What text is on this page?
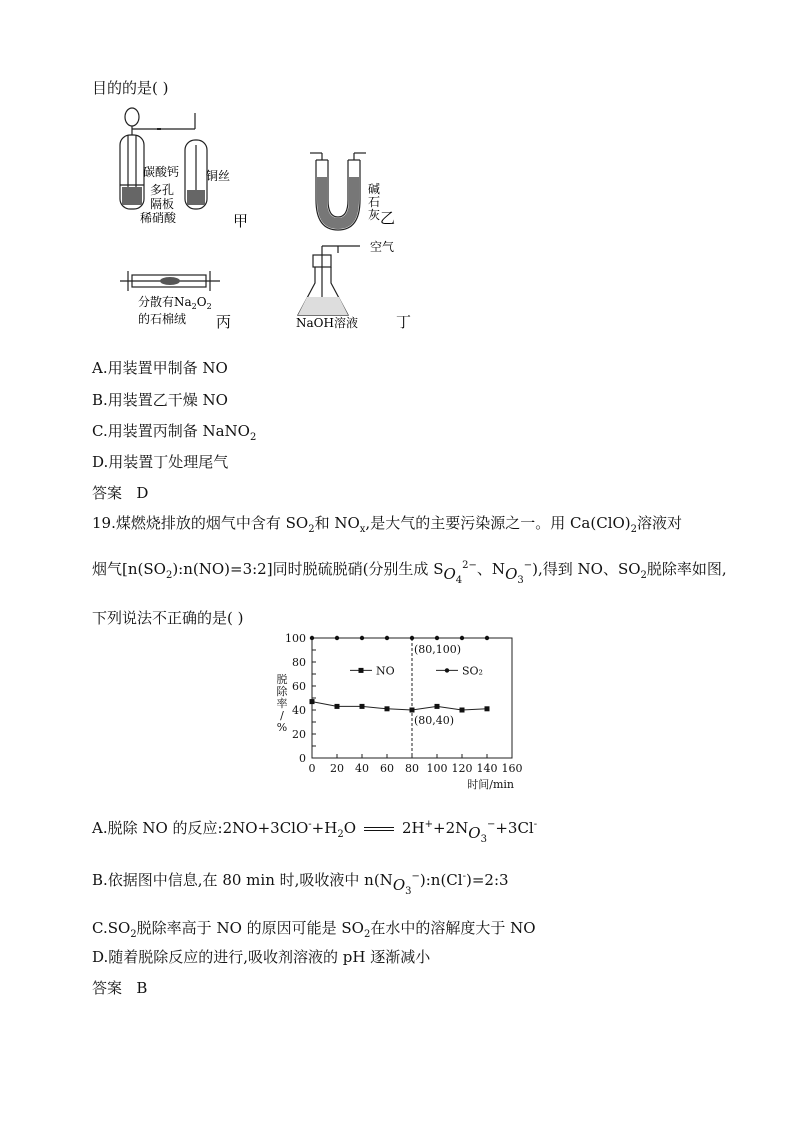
目的的是( )
碳酸钙
多孔
隔板
稀硝酸
铜丝
甲
碱
石
灰 乙
分散有$Na_2O_2$
的石棉绒 丙
空气
NaOH溶液	丁
A.用装置甲制备 NO
B.用装置乙干燥 NO
C.用装置丙制备 NaNO$_2$
D.用装置丁处理尾气
答案 D
19.煤燃烧排放的烟气中含有 $SO_2$和 $NO_x$,是大气的主要污染源之一。用 $Ca(ClO)_2$溶液对
烟气$[n(SO_2):n(NO)=3:2]$同时脱硫脱硝(分别生成 $SO_4^{2-}$、$NO_3^-$),得到 NO、$SO_2$脱除率如图,
下列说法不正确的是( )
0
20
40
60
80
100
0 20 40 60 80 100 120 140 160
时间/min
脱
除
率
/
%
(80,100)
(80,40)
NO	SO₂
A.脱除 NO 的反应$:2NO+3ClO^-+H_2O$	$2H^++2NO_3^-+3Cl^-$
B.依据图中信息,在 80 min 时,吸收液中 $n(NO_3^-):n(Cl^-)=2:3$
$C.SO_2$脱除率高于 NO 的原因可能是 $SO_2$在水中的溶解度大于 NO
D.随着脱除反应的进行,吸收剂溶液的 pH 逐渐减小
答案 B
